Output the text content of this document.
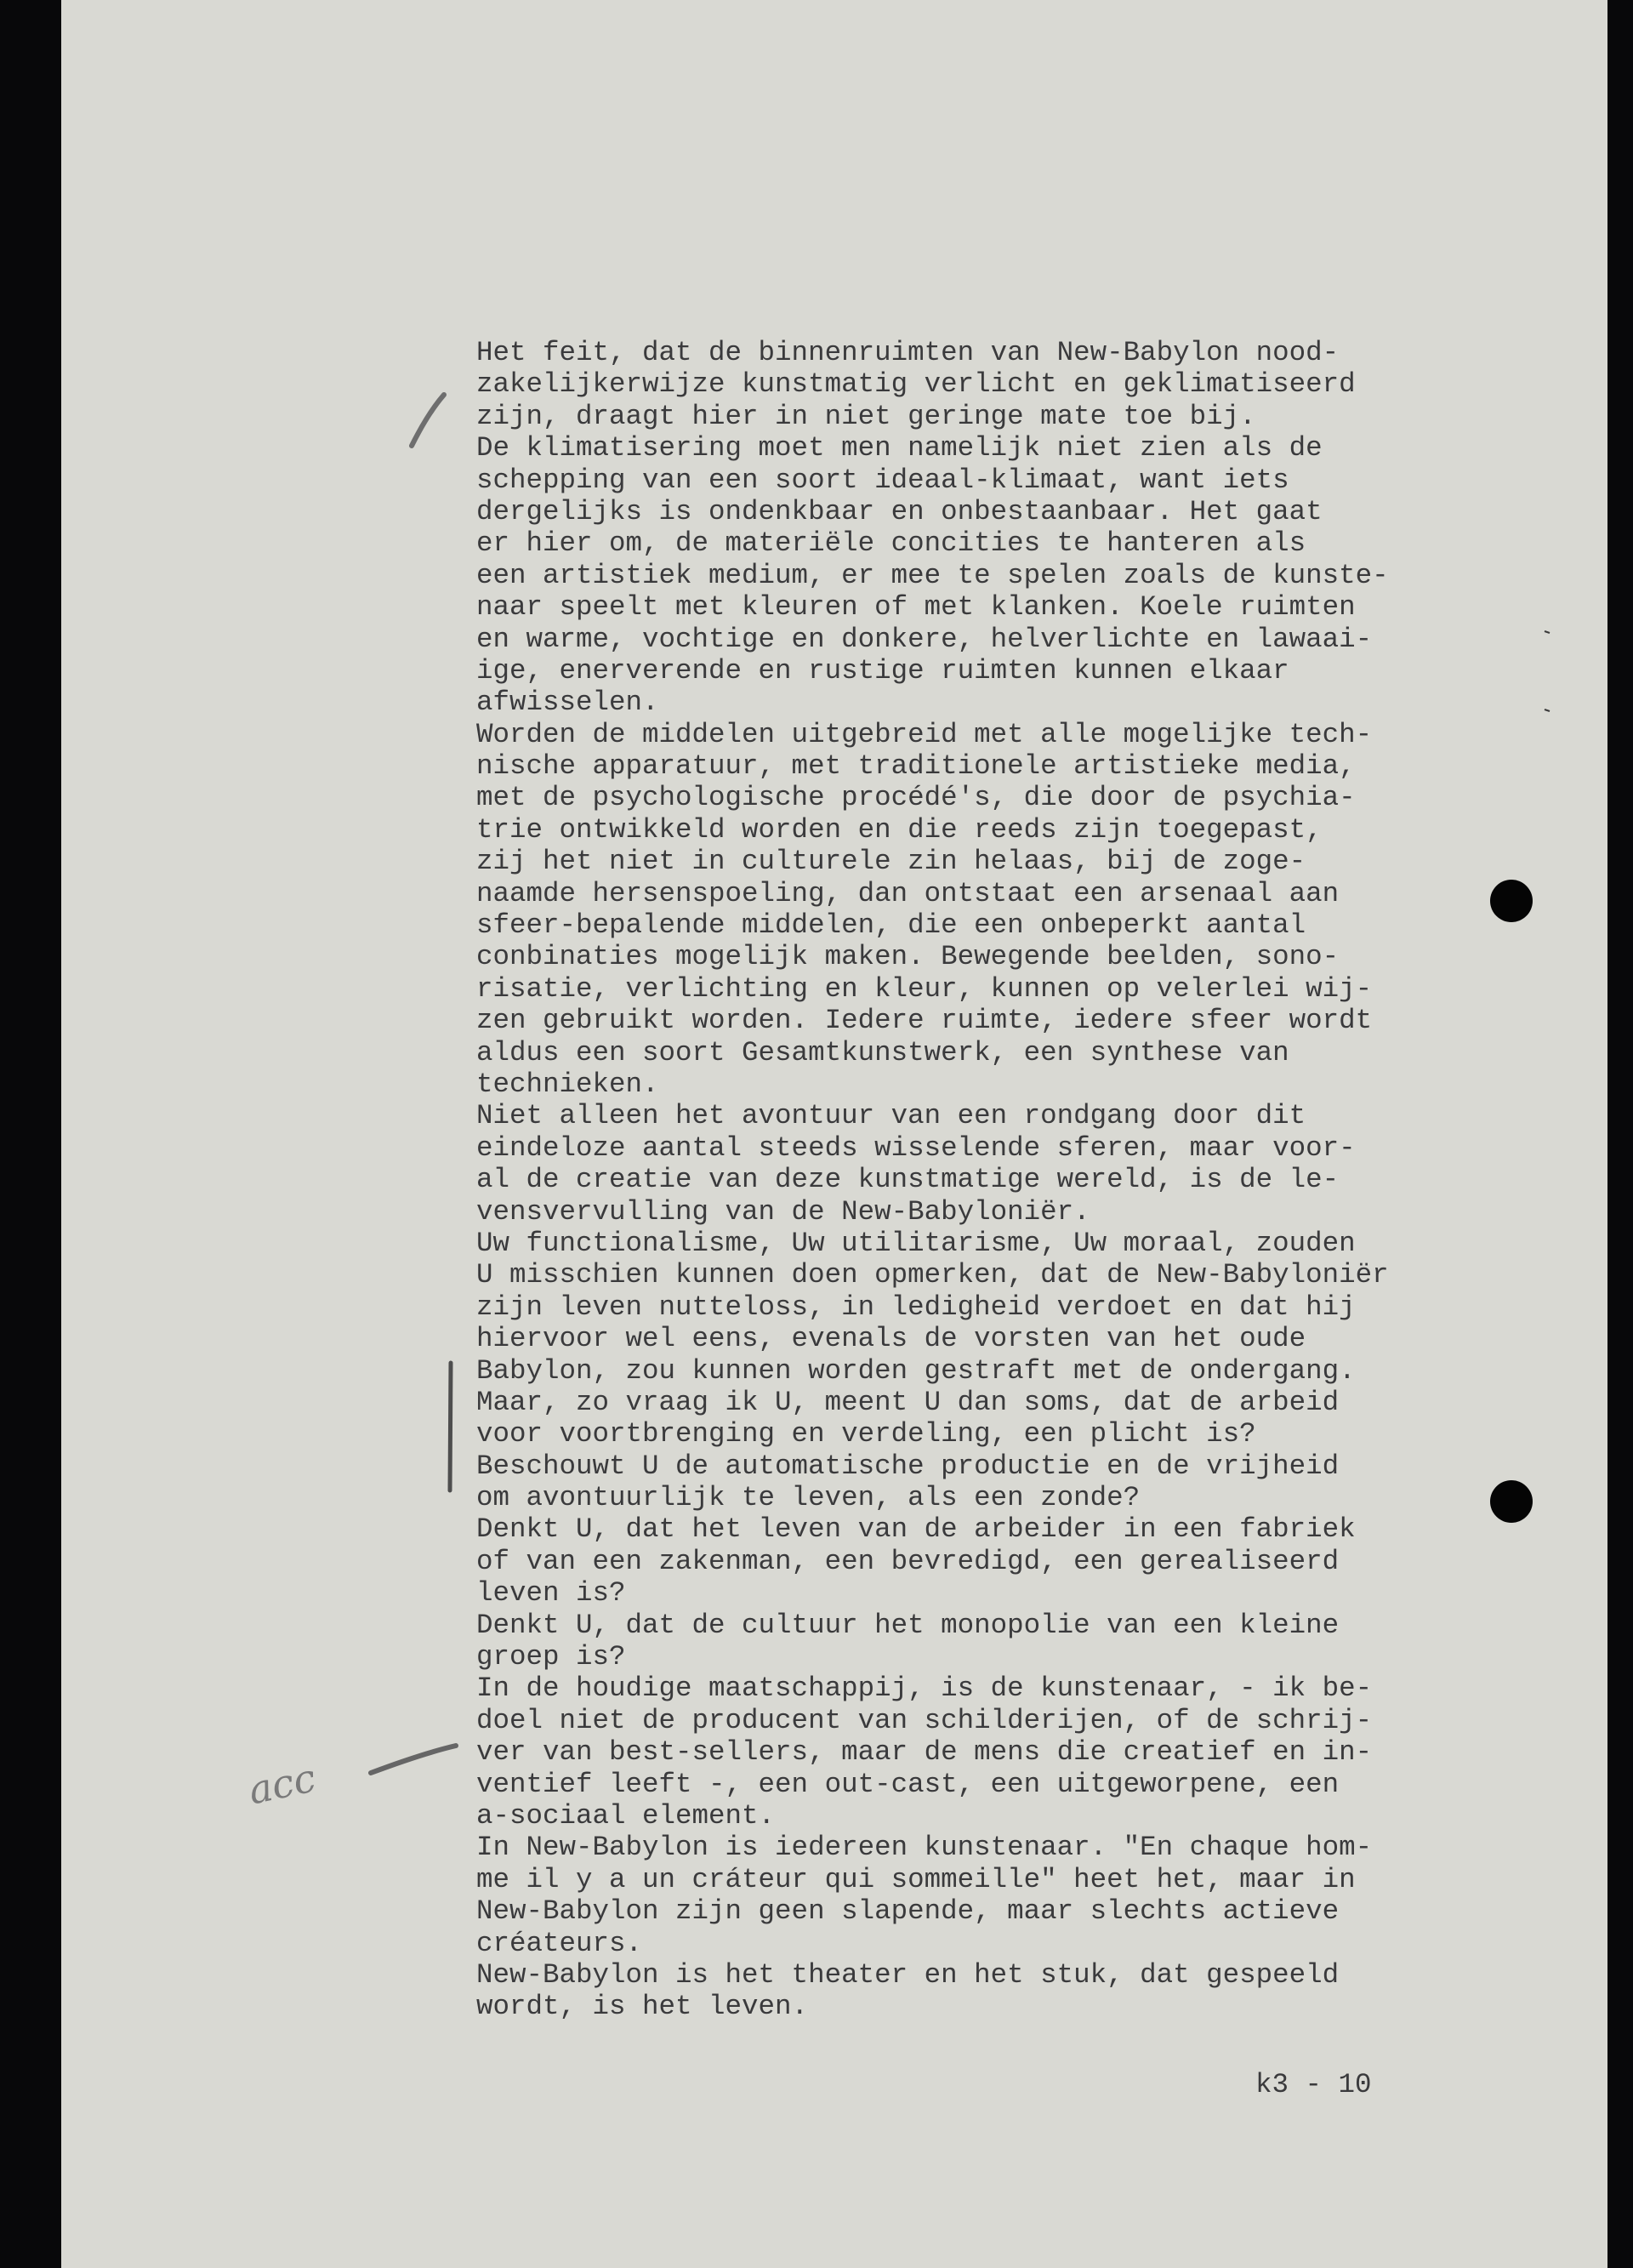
Het feit, dat de binnenruimten van New-Babylon nood-
zakelijkerwijze kunstmatig verlicht en geklimatiseerd
zijn, draagt hier in niet geringe mate toe bij.
De klimatisering moet men namelijk niet zien als de
schepping van een soort ideaal-klimaat, want iets
dergelijks is ondenkbaar en onbestaanbaar. Het gaat
er hier om, de materiële concities te hanteren als
een artistiek medium, er mee te spelen zoals de kunste-
naar speelt met kleuren of met klanken. Koele ruimten
en warme, vochtige en donkere, helverlichte en lawaai-
ige, enerverende en rustige ruimten kunnen elkaar
afwisselen.
Worden de middelen uitgebreid met alle mogelijke tech-
nische apparatuur, met traditionele artistieke media,
met de psychologische procédé's, die door de psychia-
trie ontwikkeld worden en die reeds zijn toegepast,
zij het niet in culturele zin helaas, bij de zoge-
naamde hersenspoeling, dan ontstaat een arsenaal aan
sfeer-bepalende middelen, die een onbeperkt aantal
conbinaties mogelijk maken. Bewegende beelden, sono-
risatie, verlichting en kleur, kunnen op velerlei wij-
zen gebruikt worden. Iedere ruimte, iedere sfeer wordt
aldus een soort Gesamtkunstwerk, een synthese van
technieken.
Niet alleen het avontuur van een rondgang door dit
eindeloze aantal steeds wisselende sferen, maar voor-
al de creatie van deze kunstmatige wereld, is de le-
vensvervulling van de New-Babyloniër.
Uw functionalisme, Uw utilitarisme, Uw moraal, zouden
U misschien kunnen doen opmerken, dat de New-Babyloniër
zijn leven nutteloss, in ledigheid verdoet en dat hij
hiervoor wel eens, evenals de vorsten van het oude
Babylon, zou kunnen worden gestraft met de ondergang.
Maar, zo vraag ik U, meent U dan soms, dat de arbeid
voor voortbrenging en verdeling, een plicht is?
Beschouwt U de automatische productie en de vrijheid
om avontuurlijk te leven, als een zonde?
Denkt U, dat het leven van de arbeider in een fabriek
of van een zakenman, een bevredigd, een gerealiseerd
leven is?
Denkt U, dat de cultuur het monopolie van een kleine
groep is?
In de houdige maatschappij, is de kunstenaar, - ik be-
doel niet de producent van schilderijen, of de schrij-
ver van best-sellers, maar de mens die creatief en in-
ventief leeft -, een out-cast, een uitgeworpene, een
a-sociaal element.
In New-Babylon is iedereen kunstenaar. "En chaque hom-
me il y a un cráteur qui sommeille" heet het, maar in
New-Babylon zijn geen slapende, maar slechts actieve
créateurs.
New-Babylon is het theater en het stuk, dat gespeeld
wordt, is het leven.
k3 - 10
acc
